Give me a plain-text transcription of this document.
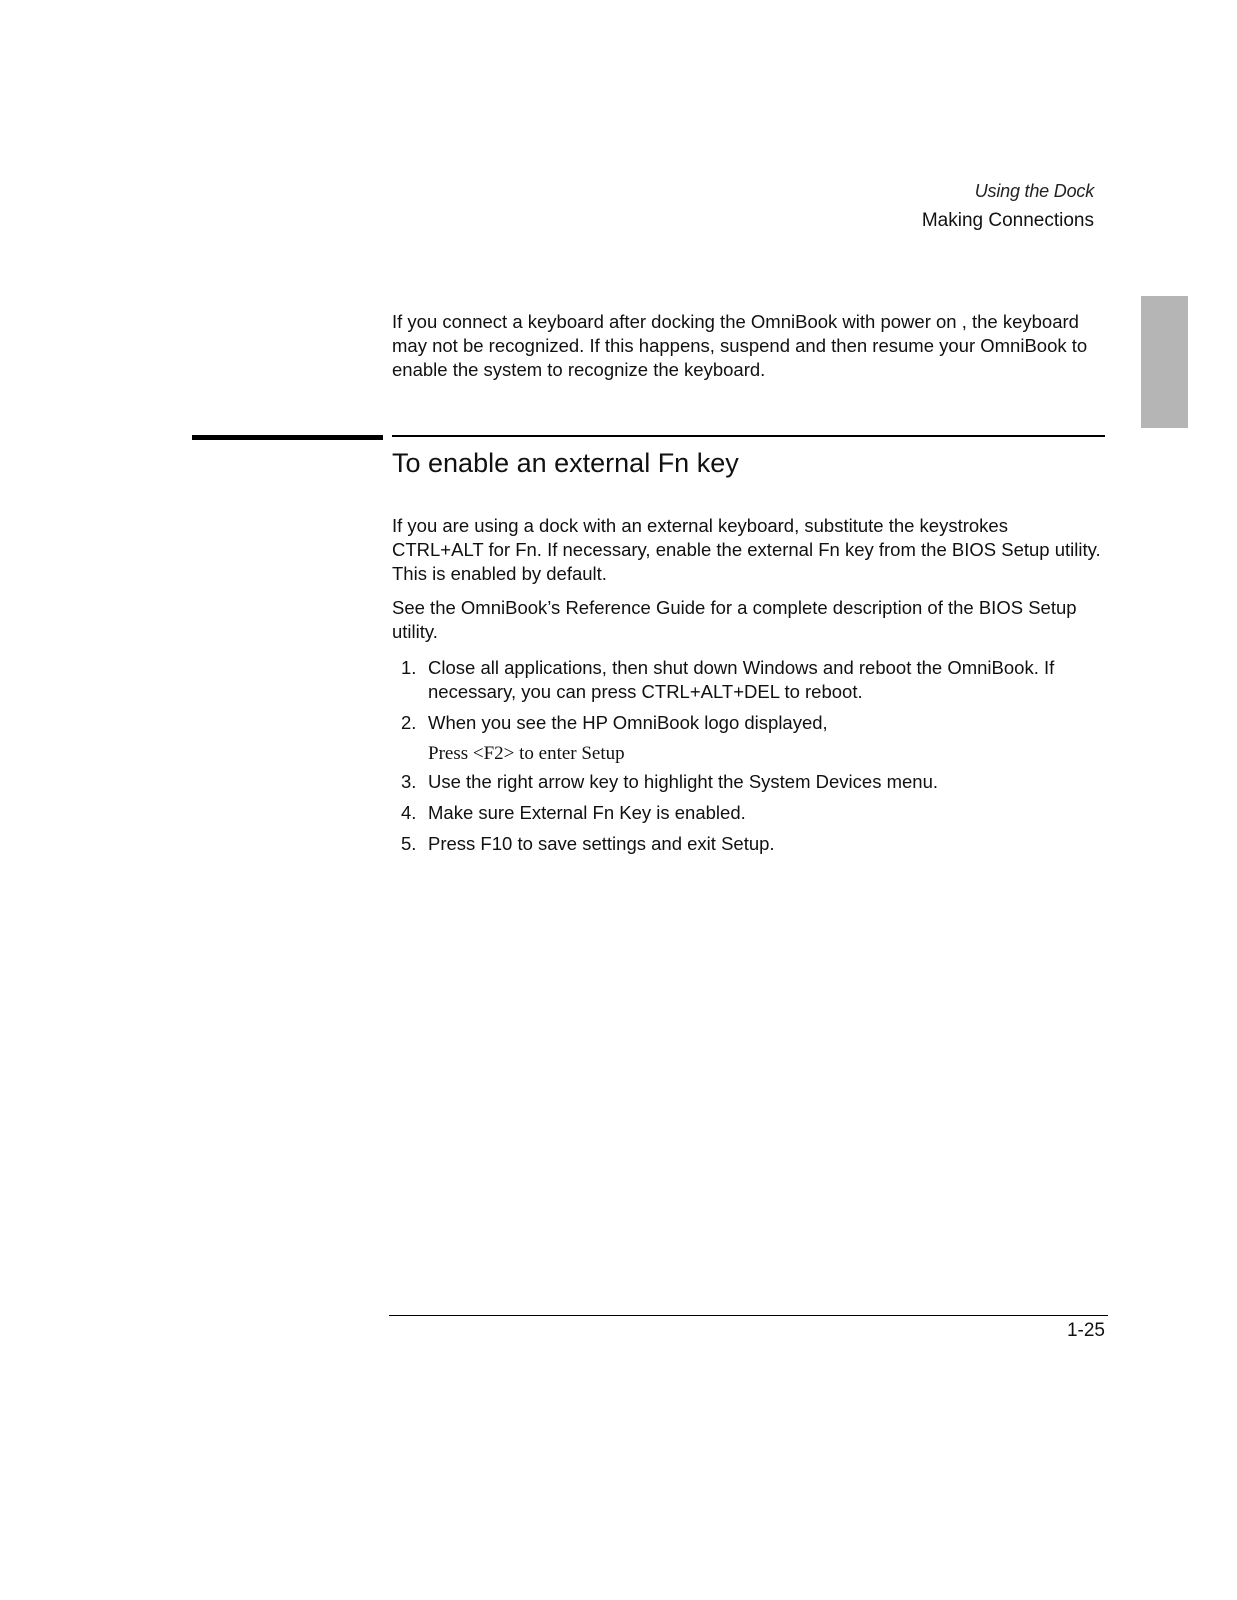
Using the Dock
Making Connections

If you connect a keyboard after docking the OmniBook with power on , the keyboard may not be recognized. If this happens, suspend and then resume your OmniBook to enable the system to recognize the keyboard.

To enable an external Fn key

If you are using a dock with an external keyboard, substitute the keystrokes CTRL+ALT for Fn. If necessary, enable the external Fn key from the BIOS Setup utility. This is enabled by default.

See the OmniBook’s Reference Guide for a complete description of the BIOS Setup utility.

1. Close all applications, then shut down Windows and reboot the OmniBook. If necessary, you can press CTRL+ALT+DEL to reboot.
2. When you see the HP OmniBook logo displayed,
Press <F2> to enter Setup
3. Use the right arrow key to highlight the System Devices menu.
4. Make sure External Fn Key is enabled.
5. Press F10 to save settings and exit Setup.
1-25
